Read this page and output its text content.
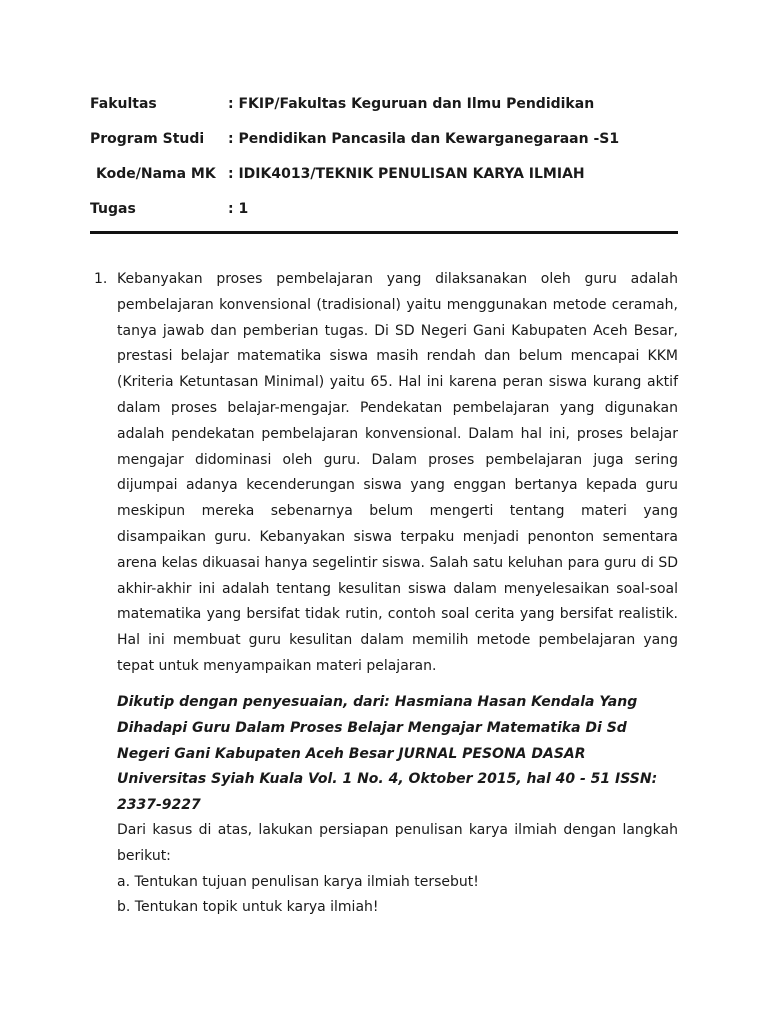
Fakultas	: FKIP/Fakultas Keguruan dan Ilmu Pendidikan
Program Studi : Pendidikan Pancasila dan Kewarganegaraan -S1
Kode/Nama MK : IDIK4013/TEKNIK PENULISAN KARYA ILMIAH
Tugas	: 1
1. Kebanyakan proses pembelajaran yang dilaksanakan oleh guru adalah pembelajaran konvensional (tradisional) yaitu menggunakan metode ceramah, tanya jawab dan pemberian tugas. Di SD Negeri Gani Kabupaten Aceh Besar, prestasi belajar matematika siswa masih rendah dan belum mencapai KKM (Kriteria Ketuntasan Minimal) yaitu 65. Hal ini karena peran siswa kurang aktif dalam proses belajar-mengajar. Pendekatan pembelajaran yang digunakan adalah pendekatan pembelajaran konvensional. Dalam hal ini, proses belajar mengajar didominasi oleh guru. Dalam proses pembelajaran juga sering dijumpai adanya kecenderungan siswa yang enggan bertanya kepada guru meskipun mereka sebenarnya belum mengerti tentang materi yang disampaikan guru. Kebanyakan siswa terpaku menjadi penonton sementara arena kelas dikuasai hanya segelintir siswa. Salah satu keluhan para guru di SD akhir-akhir ini adalah tentang kesulitan siswa dalam menyelesaikan soal-soal matematika yang bersifat tidak rutin, contoh soal cerita yang bersifat realistik. Hal ini membuat guru kesulitan dalam memilih metode pembelajaran yang tepat untuk menyampaikan materi pelajaran.
Dikutip dengan penyesuaian, dari: Hasmiana Hasan Kendala Yang Dihadapi Guru Dalam Proses Belajar Mengajar Matematika Di Sd Negeri Gani Kabupaten Aceh Besar JURNAL PESONA DASAR Universitas Syiah Kuala Vol. 1 No. 4, Oktober 2015, hal 40 - 51 ISSN: 2337-9227

Dari kasus di atas, lakukan persiapan penulisan karya ilmiah dengan langkah berikut:

a. Tentukan tujuan penulisan karya ilmiah tersebut!

b. Tentukan topik untuk karya ilmiah!
